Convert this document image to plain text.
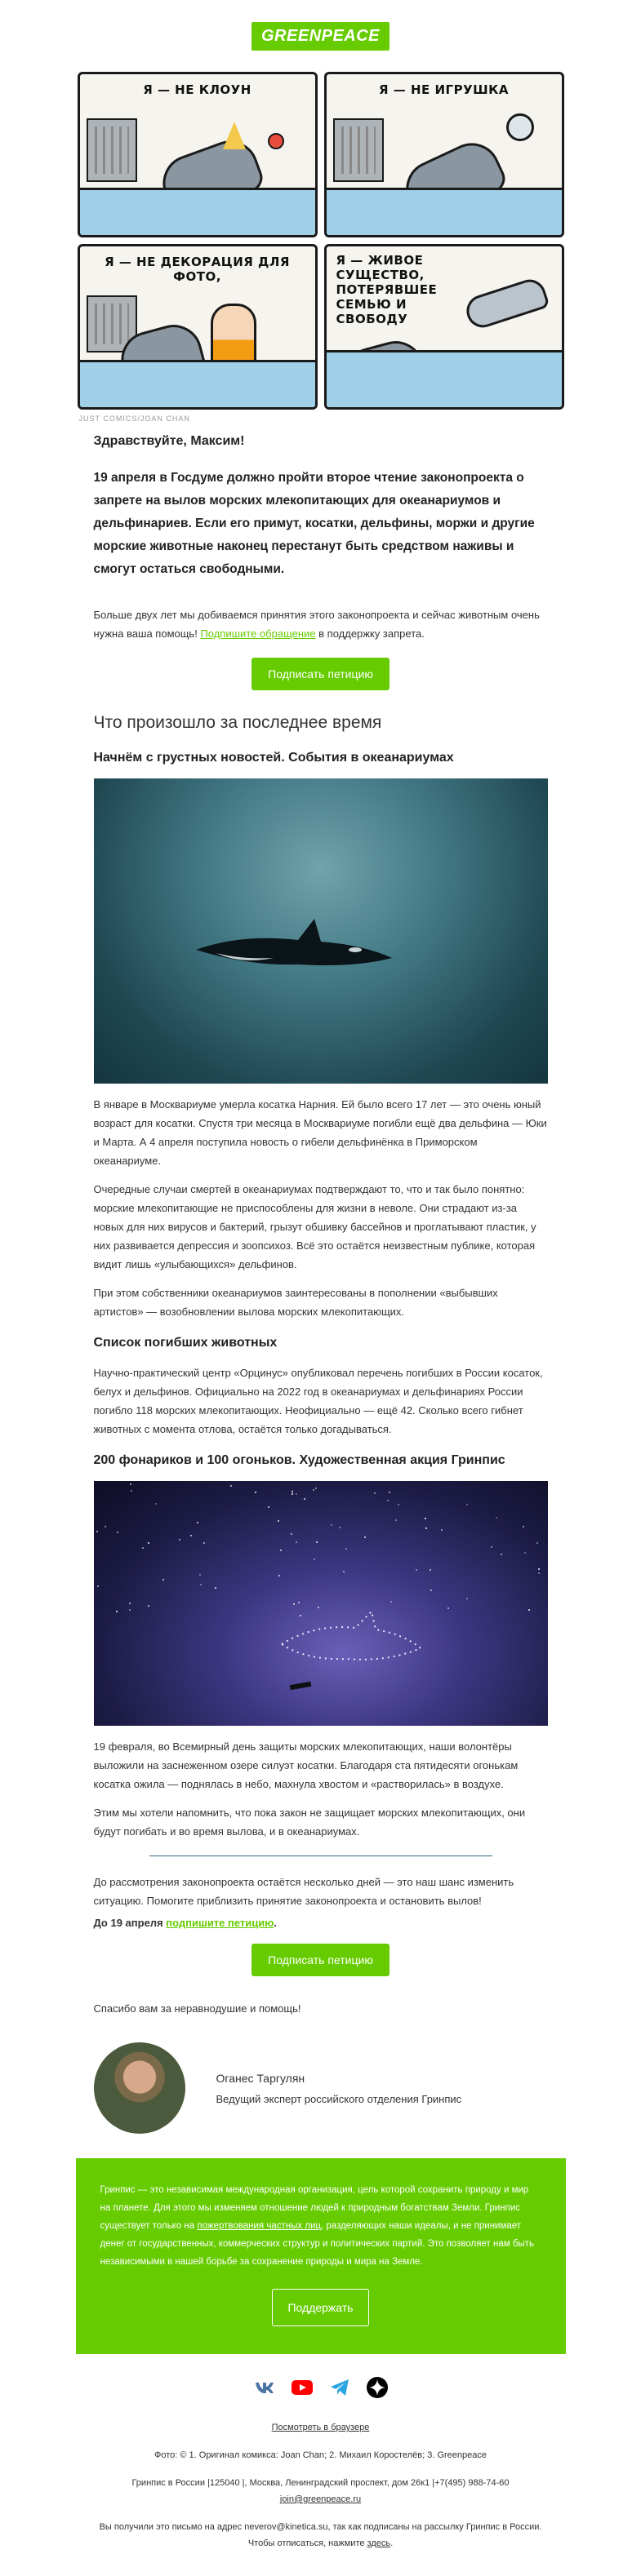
GREENPEACE
Я — НЕ КЛОУН	Я — НЕ ИГРУШКА
Я — НЕ ДЕКОРАЦИЯ ДЛЯ ФОТО,
Я — ЖИВОЕ СУЩЕСТВО, ПОТЕРЯВШЕЕ СЕМЬЮ И СВОБОДУ
JUST COMICS/JOAN CHAN
Здравствуйте, Максим!
19 апреля в Госдуме должно пройти второе чтение законопроекта о запрете на вылов морских млекопитающих для океанариумов и дельфинариев. Если его примут, косатки, дельфины, моржи и другие морские животные наконец перестанут быть средством наживы и смогут остаться свободными.
Больше двух лет мы добиваемся принятия этого законопроекта и сейчас животным очень нужна ваша помощь! Подпишите обращение в поддержку запрета.
Подписать петицию
Что произошло за последнее время
Начнём с грустных новостей. События в океанариумах
В январе в Москвариуме умерла косатка Нарния. Ей было всего 17 лет — это очень юный возраст для косатки. Спустя три месяца в Москвариуме погибли ещё два дельфина — Юки и Марта. А 4 апреля поступила новость о гибели дельфинёнка в Приморском океанариуме.
Очередные случаи смертей в океанариумах подтверждают то, что и так было понятно: морские млекопитающие не приспособлены для жизни в неволе. Они страдают из-за новых для них вирусов и бактерий, грызут обшивку бассейнов и проглатывают пластик, у них развивается депрессия и зоопсихоз. Всё это остаётся неизвестным публике, которая видит лишь «улыбающихся» дельфинов.
При этом собственники океанариумов заинтересованы в пополнении «выбывших артистов» — возобновлении вылова морских млекопитающих.
Список погибших животных
Научно-практический центр «Орцинус» опубликовал перечень погибших в России косаток, белух и дельфинов. Официально на 2022 год в океанариумах и дельфинариях России погибло 118 морских млекопитающих. Неофициально — ещё 42. Сколько всего гибнет животных с момента отлова, остаётся только догадываться.
200 фонариков и 100 огоньков. Художественная акция Гринпис
19 февраля, во Всемирный день защиты морских млекопитающих, наши волонтёры выложили на заснеженном озере силуэт косатки. Благодаря ста пятидесяти огонькам косатка ожила — поднялась в небо, махнула хвостом и «растворилась» в воздухе.
Этим мы хотели напомнить, что пока закон не защищает морских млекопитающих, они будут погибать и во время вылова, и в океанариумах.
До рассмотрения законопроекта остаётся несколько дней — это наш шанс изменить ситуацию. Помогите приблизить принятие законопроекта и остановить вылов!
До 19 апреля подпишите петицию.
Подписать петицию
Спасибо вам за неравнодушие и помощь!
Оганес Таргулян
Ведущий эксперт российского отделения Гринпис
Гринпис — это независимая международная организация, цель которой сохранить природу и мир на планете. Для этого мы изменяем отношение людей к природным богатствам Земли. Гринпис существует только на пожертвования частных лиц, разделяющих наши идеалы, и не принимает денег от государственных, коммерческих структур и политических партий. Это позволяет нам быть независимыми в нашей борьбе за сохранение природы и мира на Земле.
Поддержать
Посмотреть в браузере
Фото: © 1. Оригинал комикса: Joan Chan; 2. Михаил Коростелёв; 3. Greenpeace
Гринпис в России |125040 |, Москва, Ленинградский проспект, дом 26к1 |+7(495) 988-74-60
join@greenpeace.ru
Вы получили это письмо на адрес neverov@kinetica.su, так как подписаны на рассылку Гринпис в России.
Чтобы отписаться, нажмите здесь.
